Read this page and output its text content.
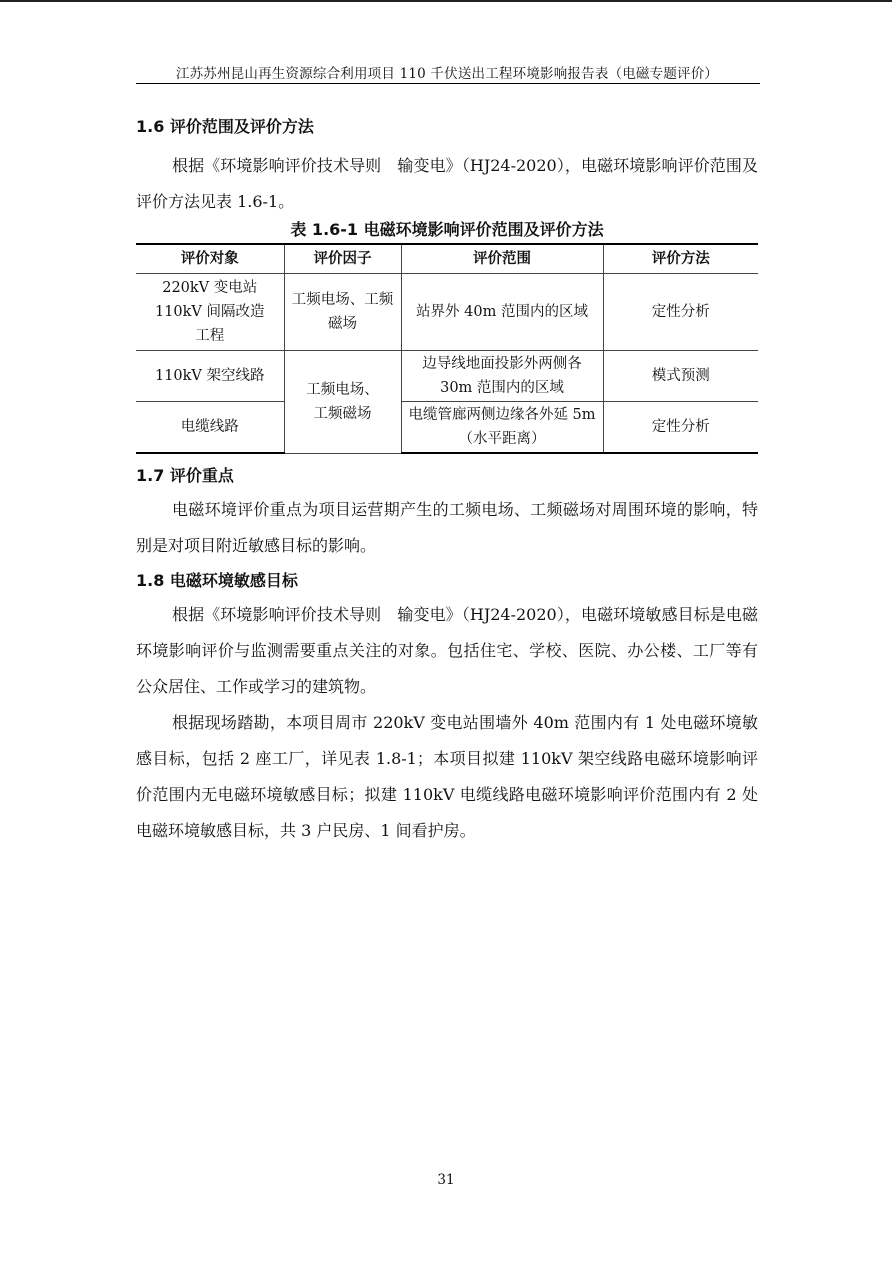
江苏苏州昆山再生资源综合利用项目 110 千伏送出工程环境影响报告表（电磁专题评价）
1.6 评价范围及评价方法

根据《环境影响评价技术导则　输变电》（HJ24-2020），电磁环境影响评价范围及评价方法见表 1.6-1。

表 1.6-1 电磁环境影响评价范围及评价方法
评价对象	评价因子	评价范围	评价方法

220kV 变电站
110kV 间隔改造
工程	工频电场、工频磁场	站界外 40m 范围内的区域	定性分析
110kV 架空线路	工频电场、工频磁场	边导线地面投影外两侧各 30m 范围内的区域	模式预测
电缆线路		电缆管廊两侧边缘各外延 5m（水平距离）	定性分析
1.7 评价重点

电磁环境评价重点为项目运营期产生的工频电场、工频磁场对周围环境的影响，特别是对项目附近敏感目标的影响。

1.8 电磁环境敏感目标

根据《环境影响评价技术导则　输变电》（HJ24-2020），电磁环境敏感目标是电磁环境影响评价与监测需要重点关注的对象。包括住宅、学校、医院、办公楼、工厂等有公众居住、工作或学习的建筑物。

根据现场踏勘，本项目周市 220kV 变电站围墙外 40m 范围内有 1 处电磁环境敏感目标，包括 2 座工厂，详见表 1.8-1；本项目拟建 110kV 架空线路电磁环境影响评价范围内无电磁环境敏感目标；拟建 110kV 电缆线路电磁环境影响评价范围内有 2 处电磁环境敏感目标，共 3 户民房、1 间看护房。

31
